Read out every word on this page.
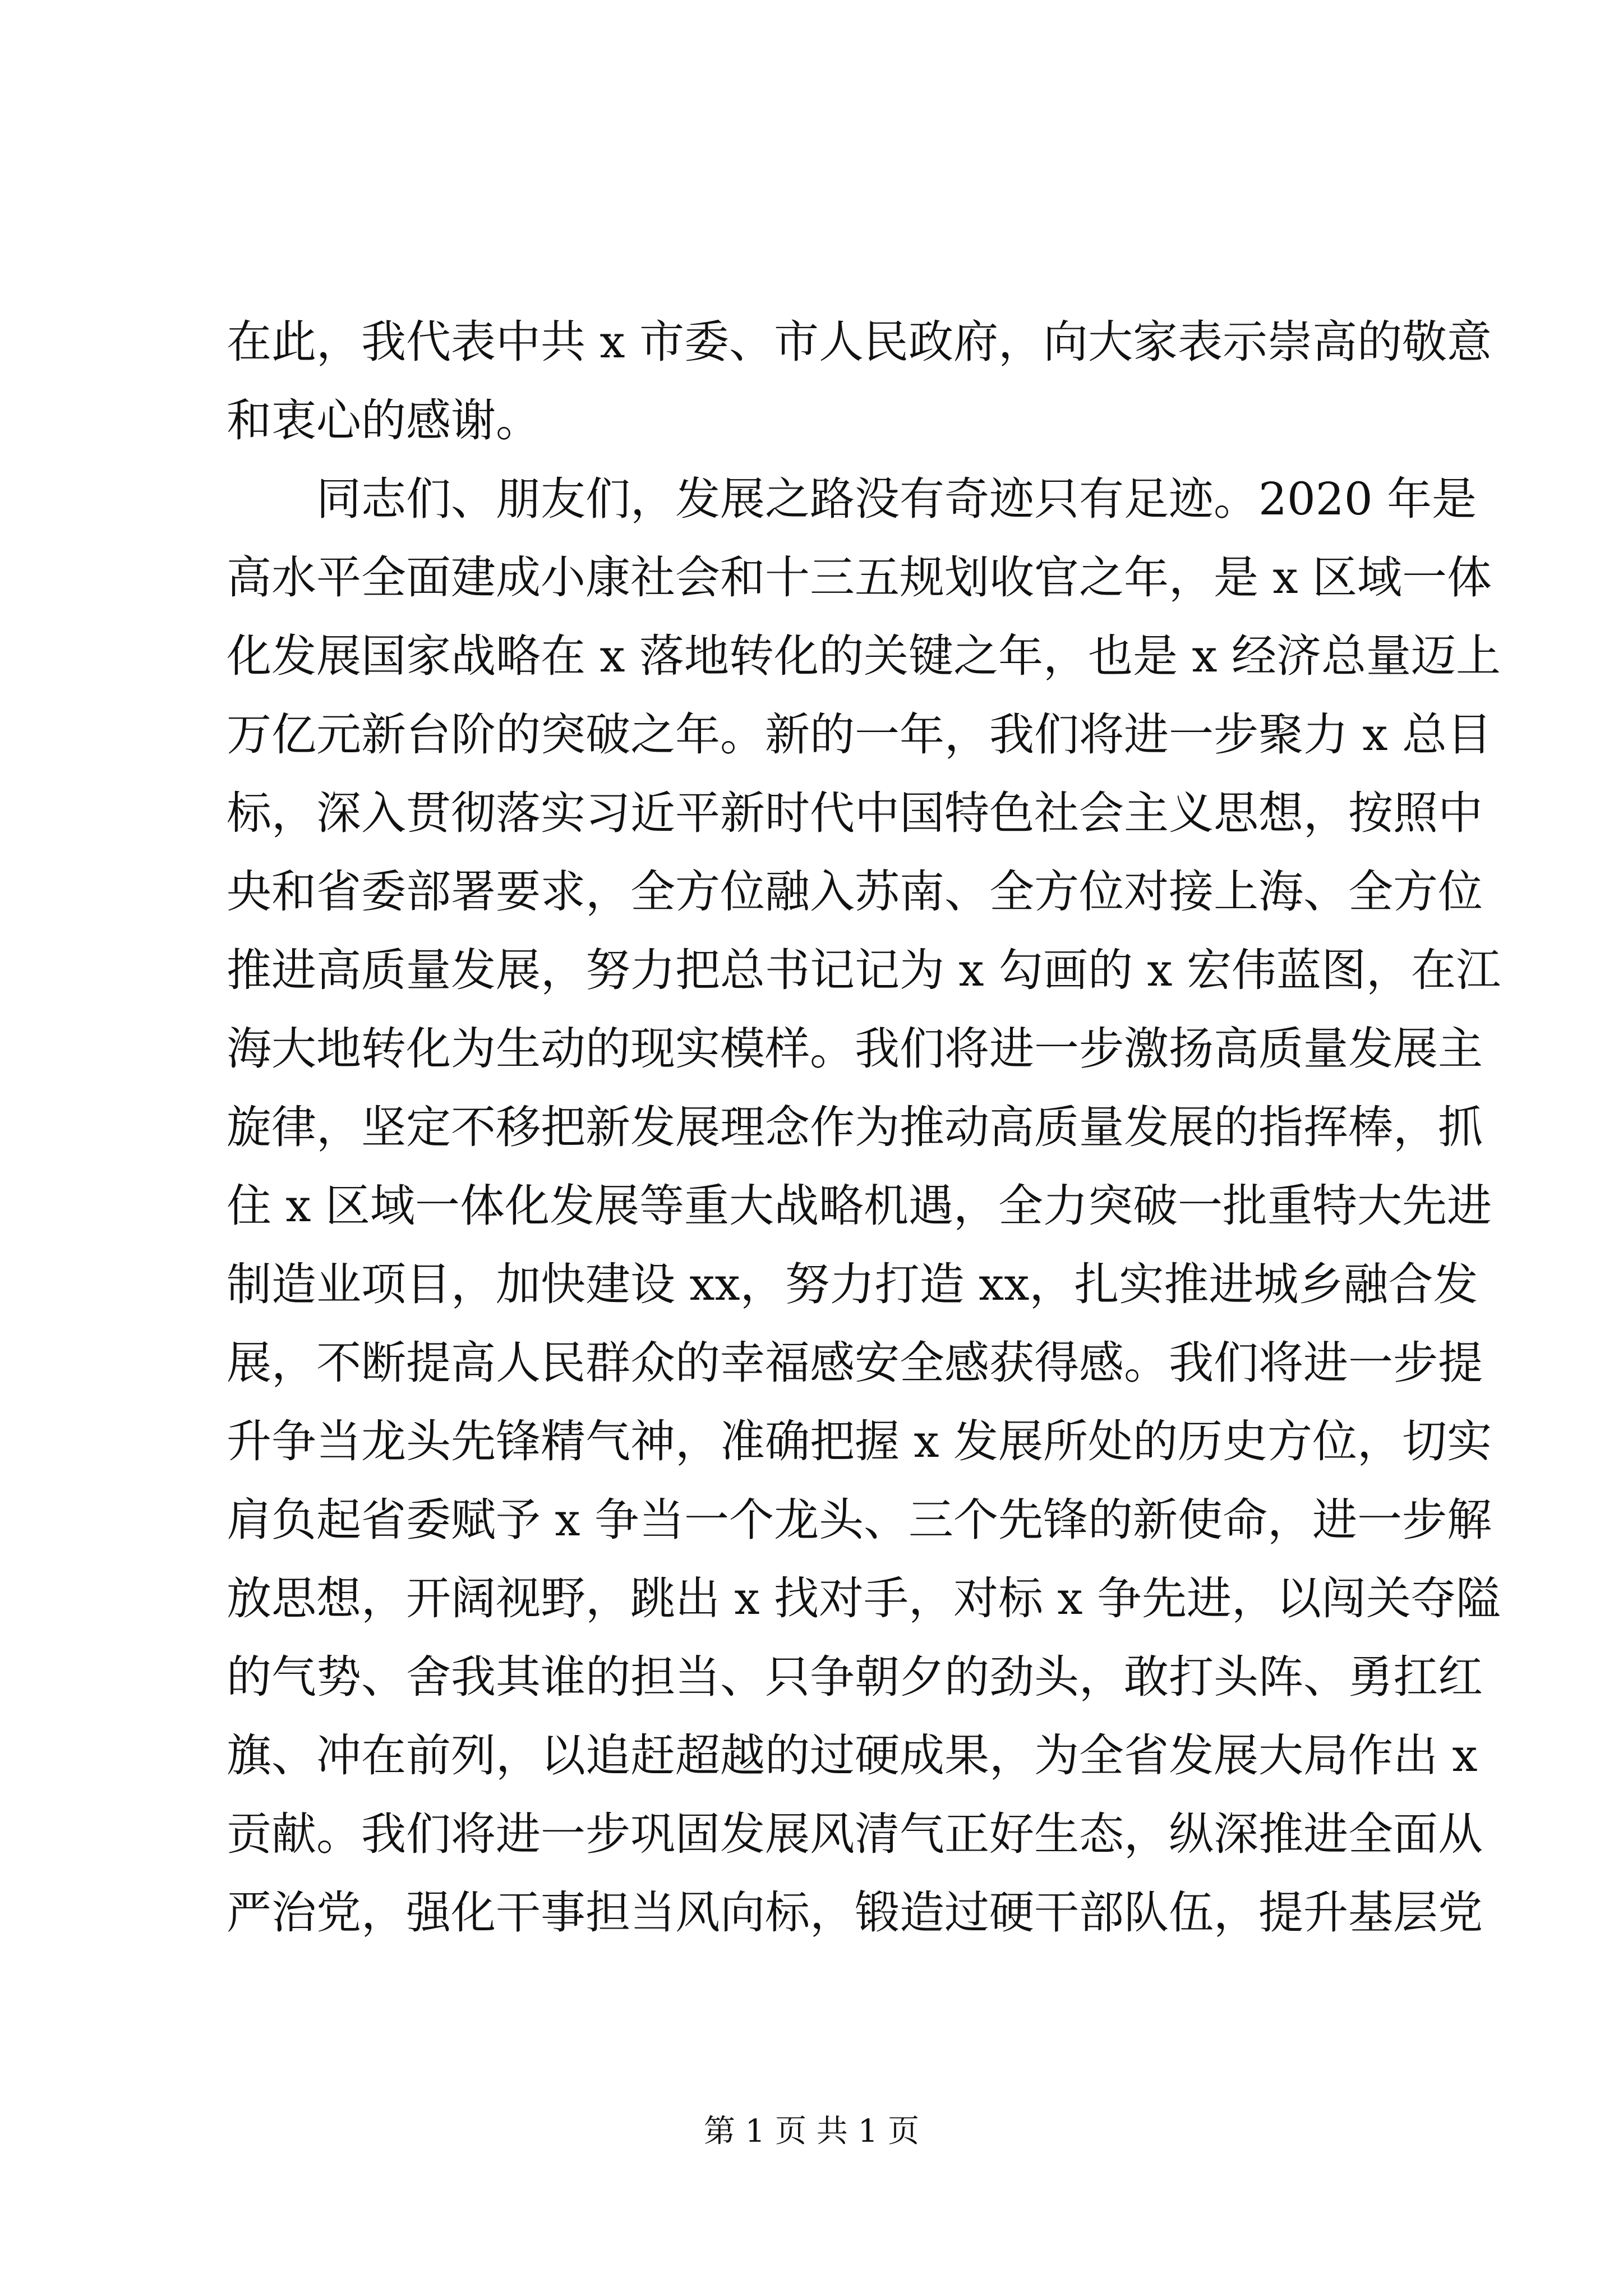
在此，我代表中共 x 市委、市人民政府，向大家表示崇高的敬意
和衷心的感谢。
同志们、朋友们，发展之路没有奇迹只有足迹。2020 年是
高水平全面建成小康社会和十三五规划收官之年，是 x 区域一体
化发展国家战略在 x 落地转化的关键之年，也是 x 经济总量迈上
万亿元新台阶的突破之年。新的一年，我们将进一步聚力 x 总目
标，深入贯彻落实习近平新时代中国特色社会主义思想，按照中
央和省委部署要求，全方位融入苏南、全方位对接上海、全方位
推进高质量发展，努力把总书记记为 x 勾画的 x 宏伟蓝图，在江
海大地转化为生动的现实模样。我们将进一步激扬高质量发展主
旋律，坚定不移把新发展理念作为推动高质量发展的指挥棒，抓
住 x 区域一体化发展等重大战略机遇，全力突破一批重特大先进
制造业项目，加快建设 xx，努力打造 xx，扎实推进城乡融合发
展，不断提高人民群众的幸福感安全感获得感。我们将进一步提
升争当龙头先锋精气神，准确把握 x 发展所处的历史方位，切实
肩负起省委赋予 x 争当一个龙头、三个先锋的新使命，进一步解
放思想，开阔视野，跳出 x 找对手，对标 x 争先进，以闯关夺隘
的气势、舍我其谁的担当、只争朝夕的劲头，敢打头阵、勇扛红
旗、冲在前列，以追赶超越的过硬成果，为全省发展大局作出 x
贡献。我们将进一步巩固发展风清气正好生态，纵深推进全面从
严治党，强化干事担当风向标，锻造过硬干部队伍，提升基层党
第 1 页 共 1 页
